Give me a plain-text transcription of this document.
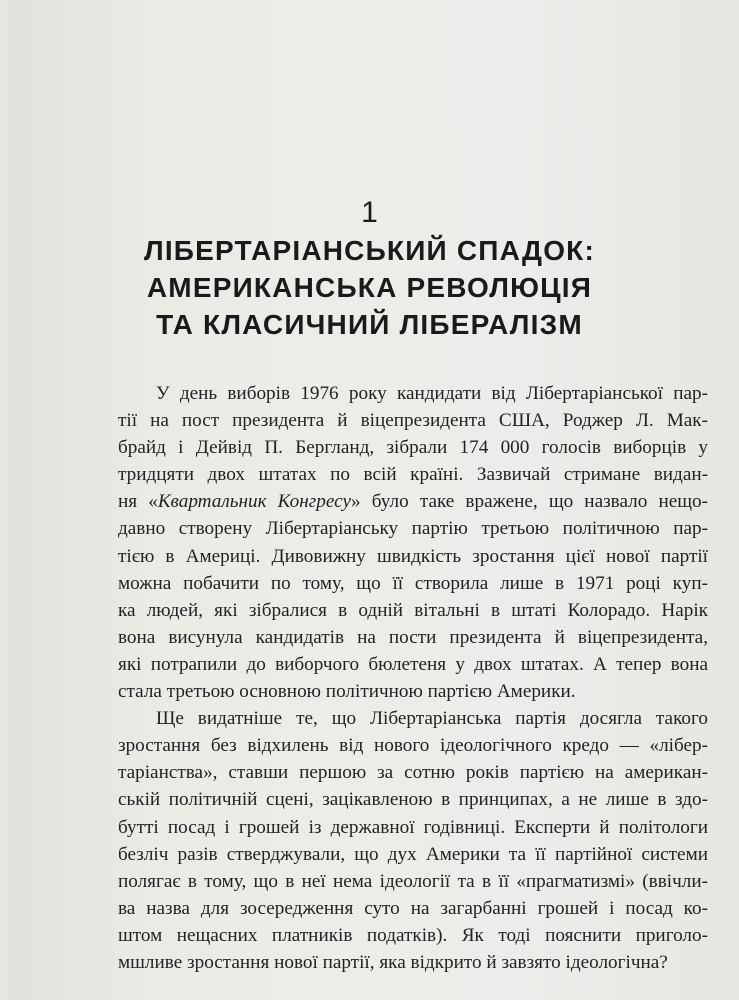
1
ЛІБЕРТАРІАНСЬКИЙ СПАДОК:
АМЕРИКАНСЬКА РЕВОЛЮЦІЯ
ТА КЛАСИЧНИЙ ЛІБЕРАЛІЗМ

У день виборів 1976 року кандидати від Лібертаріанської пар-
тії на пост президента й віцепрезидента США, Роджер Л. Мак-
брайд і Дейвід П. Бергланд, зібрали 174 000 голосів виборців у
тридцяти двох штатах по всій країні. Зазвичай стримане видан-
ня «Квартальник Конгресу» було таке вражене, що назвало нещо-
давно створену Лібертаріанську партію третьою політичною пар-
тією в Америці. Дивовижну швидкість зростання цієї нової партії
можна побачити по тому, що її створила лише в 1971 році куп-
ка людей, які зібралися в одній вітальні в штаті Колорадо. Нарік
вона висунула кандидатів на пости президента й віцепрезидента,
які потрапили до виборчого бюлетеня у двох штатах. А тепер вона
стала третьою основною політичною партією Америки.

Ще видатніше те, що Лібертаріанська партія досягла такого
зростання без відхилень від нового ідеологічного кредо — «лібер-
таріанства», ставши першою за сотню років партією на американ-
ській політичній сцені, зацікавленою в принципах, а не лише в здо-
бутті посад і грошей із державної годівниці. Експерти й політологи
безліч разів стверджували, що дух Америки та її партійної системи
полягає в тому, що в неї нема ідеології та в її «прагматизмі» (ввічли-
ва назва для зосередження суто на загарбанні грошей і посад ко-
штом нещасних платників податків). Як тоді пояснити приголо-
мшливе зростання нової партії, яка відкрито й завзято ідеологічна?
